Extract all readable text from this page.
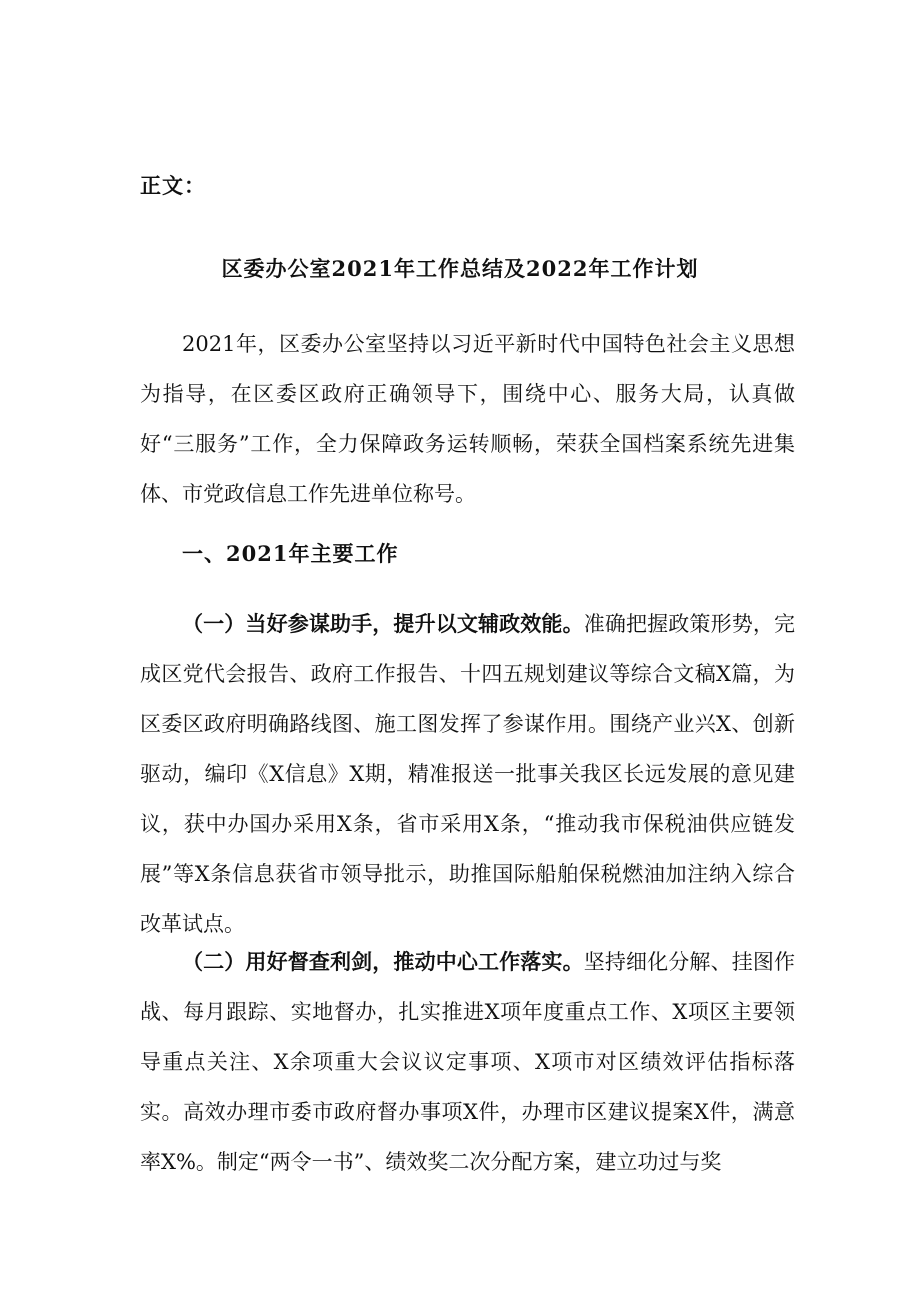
正文：
区委办公室2021年工作总结及2022年工作计划

2021年，区委办公室坚持以习近平新时代中国特色社会主义思想为指导，在区委区政府正确领导下，围绕中心、服务大局，认真做好“三服务”工作，全力保障政务运转顺畅，荣获全国档案系统先进集体、市党政信息工作先进单位称号。

一、2021年主要工作

（一）当好参谋助手，提升以文辅政效能。准确把握政策形势，完成区党代会报告、政府工作报告、十四五规划建议等综合文稿X篇，为区委区政府明确路线图、施工图发挥了参谋作用。围绕产业兴X、创新驱动，编印《X信息》X期，精准报送一批事关我区长远发展的意见建议，获中办国办采用X条，省市采用X条，“推动我市保税油供应链发展”等X条信息获省市领导批示，助推国际船舶保税燃油加注纳入综合改革试点。

（二）用好督查利剑，推动中心工作落实。坚持细化分解、挂图作战、每月跟踪、实地督办，扎实推进X项年度重点工作、X项区主要领导重点关注、X余项重大会议议定事项、X项市对区绩效评估指标落实。高效办理市委市政府督办事项X件，办理市区建议提案X件，满意率X%。制定“两令一书”、绩效奖二次分配方案，建立功过与奖
